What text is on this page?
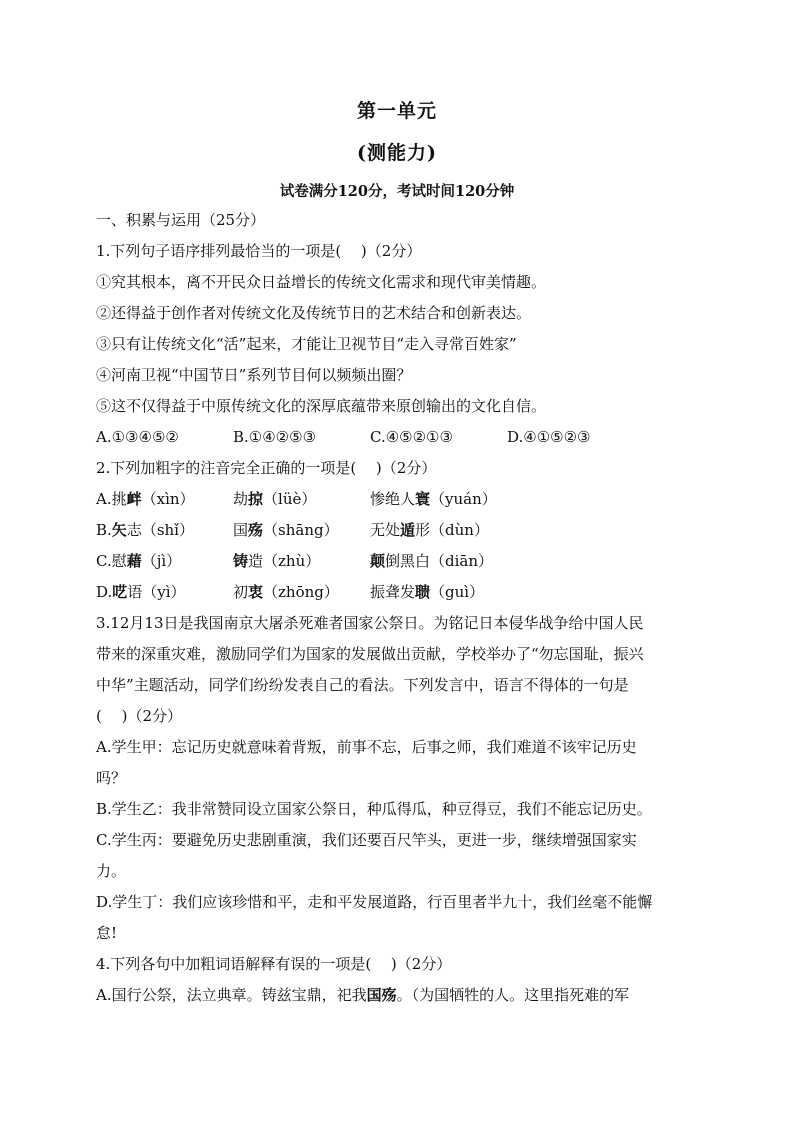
第一单元
(测能力)
试卷满分120分，考试时间120分钟
一、积累与运用（25分）
1.下列句子语序排列最恰当的一项是(　 )（2分）
①究其根本，离不开民众日益增长的传统文化需求和现代审美情趣。
②还得益于创作者对传统文化及传统节日的艺术结合和创新表达。
③只有让传统文化“活”起来，才能让卫视节目“走入寻常百姓家”
④河南卫视“中国节日”系列节目何以频频出圈？
⑤这不仅得益于中原传统文化的深厚底蕴带来原创输出的文化自信。
A.①③④⑤②	B.①④②⑤③	C.④⑤②①③	D.④①⑤②③
2.下列加粗字的注音完全正确的一项是(　 )（2分）
A.挑衅（xìn）	劫掠（lüè）	惨绝人寰（yuán）
B.矢志（shǐ）	国殇（shāng） 无处遁形（dùn）
C.慰藉（jì）	铸造（zhù）	颠倒黑白（diān）
D.呓语（yì）	初衷（zhōng） 振聋发聩（guì）
3.12月13日是我国南京大屠杀死难者国家公祭日。为铭记日本侵华战争给中国人民
带来的深重灾难，激励同学们为国家的发展做出贡献，学校举办了“勿忘国耻，振兴
中华”主题活动，同学们纷纷发表自己的看法。下列发言中，语言不得体的一句是
(　 )（2分）
A.学生甲：忘记历史就意味着背叛，前事不忘，后事之师，我们难道不该牢记历史
吗？
B.学生乙：我非常赞同设立国家公祭日，种瓜得瓜，种豆得豆，我们不能忘记历史。
C.学生丙：要避免历史悲剧重演，我们还要百尺竿头，更进一步，继续增强国家实
力。
D.学生丁：我们应该珍惜和平，走和平发展道路，行百里者半九十，我们丝毫不能懈
怠!
4.下列各句中加粗词语解释有误的一项是(　 )（2分）
A.国行公祭，法立典章。铸兹宝鼎，祀我国殇。（为国牺牲的人。这里指死难的军
